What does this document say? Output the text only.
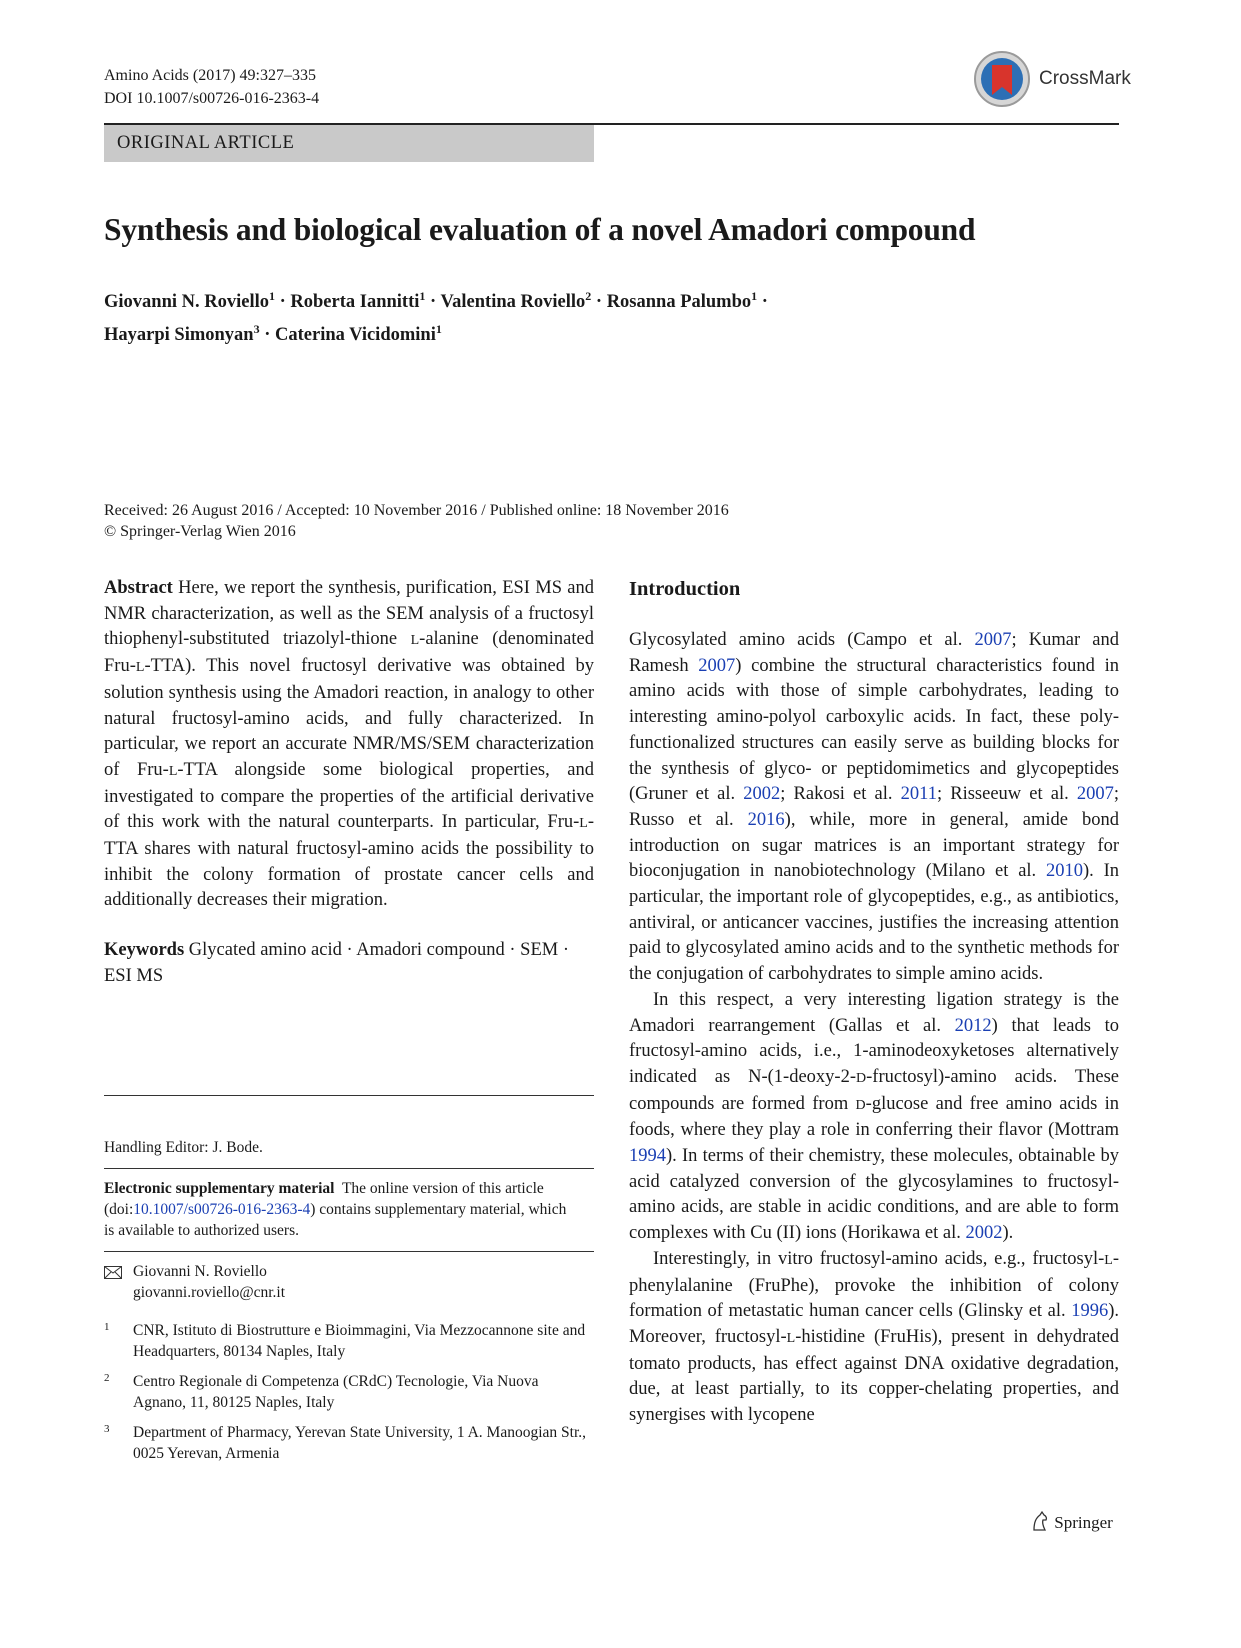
Amino Acids (2017) 49:327–335
DOI 10.1007/s00726-016-2363-4
CrossMark
ORIGINAL ARTICLE
Synthesis and biological evaluation of a novel Amadori compound
Giovanni N. Roviello$^1$ · Roberta Iannitti$^1$ · Valentina Roviello$^2$ · Rosanna Palumbo$^1$ ·
Hayarpi Simonyan$^3$ · Caterina Vicidomini$^1$
Received: 26 August 2016 / Accepted: 10 November 2016 / Published online: 18 November 2016
© Springer-Verlag Wien 2016

Abstract Here, we report the synthesis, purification, ESI MS and NMR characterization, as well as the SEM analysis of a fructosyl thiophenyl-substituted triazolyl-thione L-alanine (denominated Fru-L-TTA). This novel fructosyl derivative was obtained by solution synthesis using the Amadori reaction, in analogy to other natural fructosyl-amino acids, and fully characterized. In particular, we report an accurate NMR/MS/SEM characterization of Fru-L-TTA alongside some biological properties, and investigated to compare the properties of the artificial derivative of this work with the natural counterparts. In particular, Fru-L-TTA shares with natural fructosyl-amino acids the possibility to inhibit the colony formation of prostate cancer cells and additionally decreases their migration.

Keywords Glycated amino acid · Amadori compound · SEM · ESI MS

Handling Editor: J. Bode.
Electronic supplementary material The online version of this article (doi:10.1007/s00726-016-2363-4) contains supplementary material, which is available to authorized users.
Giovanni N. Roviello
giovanni.roviello@cnr.it
1 CNR, Istituto di Biostrutture e Bioimmagini, Via Mezzocannone site and Headquarters, 80134 Naples, Italy
2 Centro Regionale di Competenza (CRdC) Tecnologie, Via Nuova Agnano, 11, 80125 Naples, Italy
3 Department of Pharmacy, Yerevan State University, 1 A. Manoogian Str., 0025 Yerevan, Armenia
Introduction

Glycosylated amino acids (Campo et al. 2007; Kumar and Ramesh 2007) combine the structural characteristics found in amino acids with those of simple carbohydrates, leading to interesting amino-polyol carboxylic acids. In fact, these poly-functionalized structures can easily serve as building blocks for the synthesis of glyco- or peptidomimetics and glycopeptides (Gruner et al. 2002; Rakosi et al. 2011; Risseeuw et al. 2007; Russo et al. 2016), while, more in general, amide bond introduction on sugar matrices is an important strategy for bioconjugation in nanobiotechnology (Milano et al. 2010). In particular, the important role of glycopeptides, e.g., as antibiotics, antiviral, or anticancer vaccines, justifies the increasing attention paid to glycosylated amino acids and to the synthetic methods for the conjugation of carbohydrates to simple amino acids.

In this respect, a very interesting ligation strategy is the Amadori rearrangement (Gallas et al. 2012) that leads to fructosyl-amino acids, i.e., 1-aminodeoxyketoses alternatively indicated as N-(1-deoxy-2-D-fructosyl)-amino acids. These compounds are formed from D-glucose and free amino acids in foods, where they play a role in conferring their flavor (Mottram 1994). In terms of their chemistry, these molecules, obtainable by acid catalyzed conversion of the glycosylamines to fructosyl-amino acids, are stable in acidic conditions, and are able to form complexes with Cu (II) ions (Horikawa et al. 2002).

Interestingly, in vitro fructosyl-amino acids, e.g., fructosyl-L-phenylalanine (FruPhe), provoke the inhibition of colony formation of metastatic human cancer cells (Glinsky et al. 1996). Moreover, fructosyl-L-histidine (FruHis), present in dehydrated tomato products, has effect against DNA oxidative degradation, due, at least partially, to its copper-chelating properties, and synergises with lycopene

Springer
